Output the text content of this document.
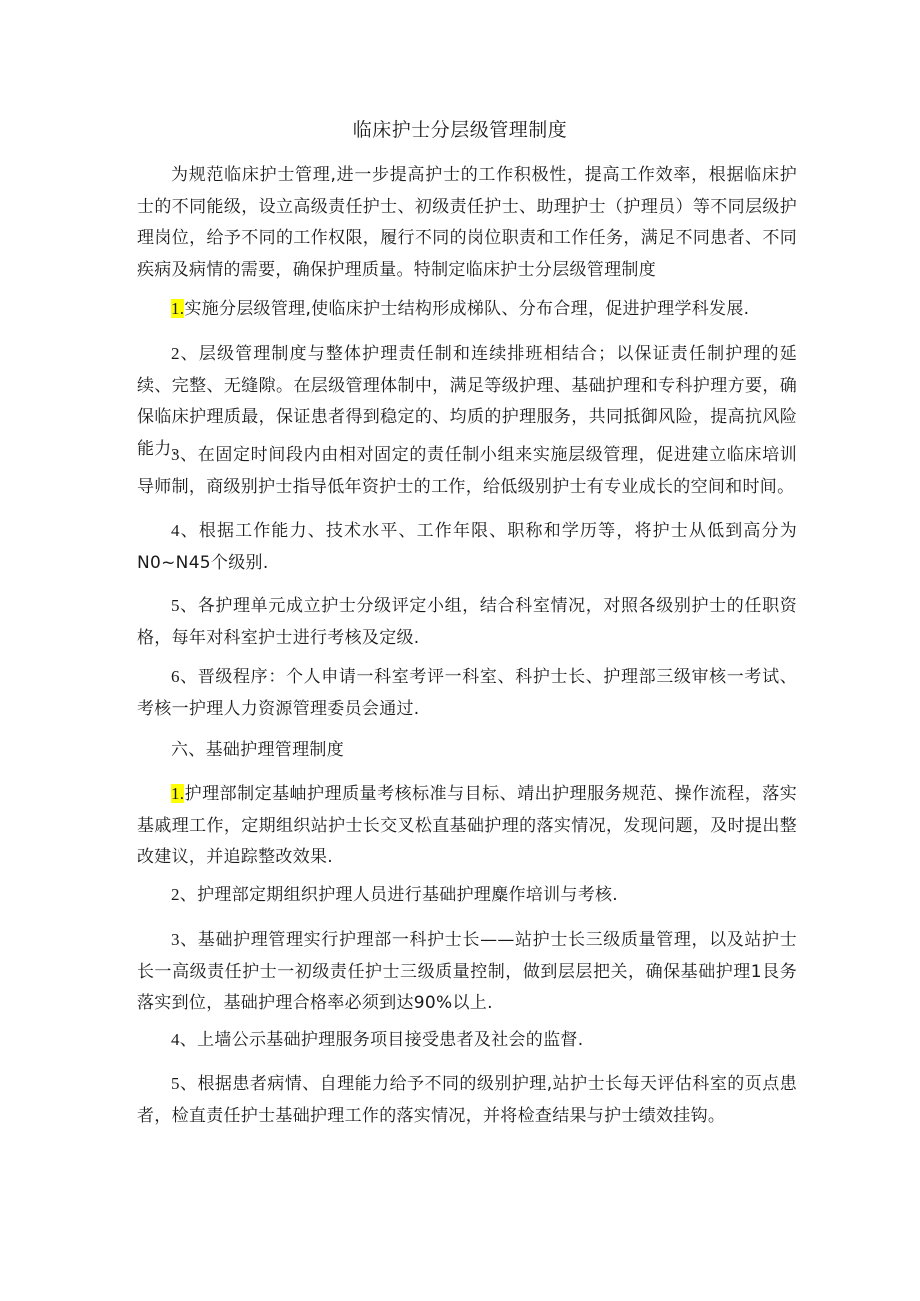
临床护士分层级管理制度

为规范临床护士管理,进一步提高护士的工作积极性，提高工作效率，根据临床护士的不同能级，设立高级责任护士、初级责任护士、助理护士（护理员）等不同层级护理岗位，给予不同的工作权限，履行不同的岗位职责和工作任务，满足不同患者、不同疾病及病情的需要，确保护理质量。特制定临床护士分层级管理制度

1.实施分层级管理,使临床护士结构形成梯队、分布合理，促进护理学科发展.

2、层级管理制度与整体护理责任制和连续排班相结合；以保证责任制护理的延续、完整、无缝隙。在层级管理体制中，满足等级护理、基础护理和专科护理方要，确保临床护理质最，保证患者得到稳定的、均质的护理服务，共同抵御风险，提高抗风险能力.

3、在固定时间段内由相对固定的责任制小组来实施层级管理，促进建立临床培训导师制，商级别护士指导低年资护士的工作，给低级别护士有专业成长的空间和时间。

4、根据工作能力、技术水平、工作年限、职称和学历等，将护士从低到高分为N0~N45个级别.

5、各护理单元成立护士分级评定小组，结合科室情况，对照各级别护士的任职资格，每年对科室护士进行考核及定级.

6、晋级程序：个人申请一科室考评一科室、科护士长、护理部三级审核一考试、考核一护理人力资源管理委员会通过.

六、基础护理管理制度

1.护理部制定基岫护理质量考核标准与目标、靖出护理服务规范、操作流程，落实基戚理工作，定期组织站护士长交叉松直基础护理的落实情况，发现问题，及时提出整改建议，并追踪整改效果.

2、护理部定期组织护理人员进行基础护理麋作培训与考核.

3、基础护理管理实行护理部一科护士长——站护士长三级质量管理，以及站护士长一高级责任护士一初级责任护士三级质量控制，做到层层把关，确保基础护理1艮务落实到位，基础护理合格率必须到达90%以上.

4、上墙公示基础护理服务项目接受患者及社会的监督.

5、根据患者病情、自理能力给予不同的级别护理,站护士长每天评估科室的页点患者，检直责任护士基础护理工作的落实情况，并将检查结果与护士绩效挂钩。
